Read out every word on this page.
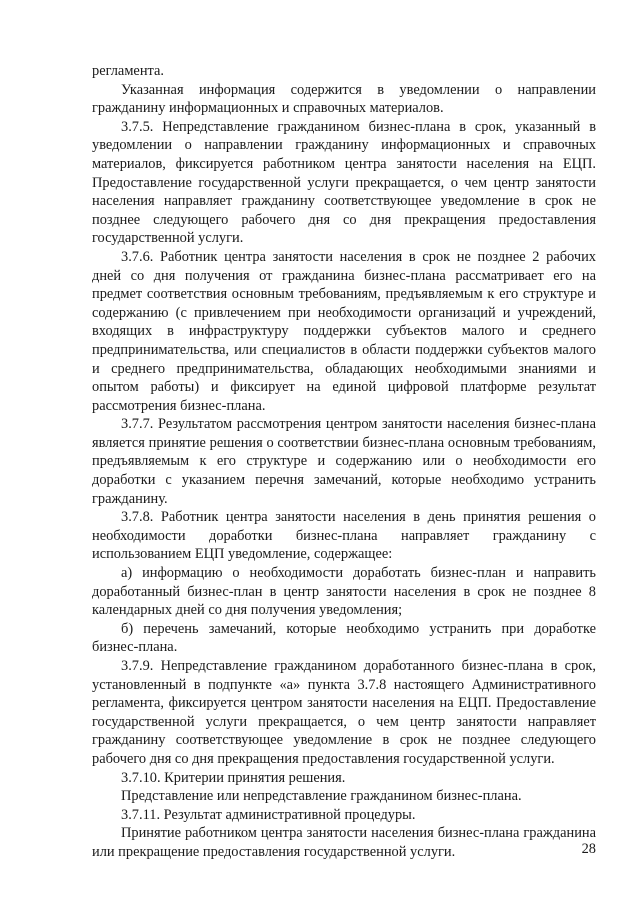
регламента.

Указанная информация содержится в уведомлении о направлении гражданину информационных и справочных материалов.

3.7.5. Непредставление гражданином бизнес-плана в срок, указанный в уведомлении о направлении гражданину информационных и справочных материалов, фиксируется работником центра занятости населения на ЕЦП. Предоставление государственной услуги прекращается, о чем центр занятости населения направляет гражданину соответствующее уведомление в срок не позднее следующего рабочего дня со дня прекращения предоставления государственной услуги.

3.7.6. Работник центра занятости населения в срок не позднее 2 рабочих дней со дня получения от гражданина бизнес-плана рассматривает его на предмет соответствия основным требованиям, предъявляемым к его структуре и содержанию (с привлечением при необходимости организаций и учреждений, входящих в инфраструктуру поддержки субъектов малого и среднего предпринимательства, или специалистов в области поддержки субъектов малого и среднего предпринимательства, обладающих необходимыми знаниями и опытом работы) и фиксирует на единой цифровой платформе результат рассмотрения бизнес-плана.

3.7.7. Результатом рассмотрения центром занятости населения бизнес-плана является принятие решения о соответствии бизнес-плана основным требованиям, предъявляемым к его структуре и содержанию или о необходимости его доработки с указанием перечня замечаний, которые необходимо устранить гражданину.

3.7.8. Работник центра занятости населения в день принятия решения о необходимости доработки бизнес-плана направляет гражданину с использованием ЕЦП уведомление, содержащее:

а) информацию о необходимости доработать бизнес-план и направить доработанный бизнес-план в центр занятости населения в срок не позднее 8 календарных дней со дня получения уведомления;

б) перечень замечаний, которые необходимо устранить при доработке бизнес-плана.

3.7.9. Непредставление гражданином доработанного бизнес-плана в срок, установленный в подпункте «а» пункта 3.7.8 настоящего Административного регламента, фиксируется центром занятости населения на ЕЦП. Предоставление государственной услуги прекращается, о чем центр занятости направляет гражданину соответствующее уведомление в срок не позднее следующего рабочего дня со дня прекращения предоставления государственной услуги.

3.7.10. Критерии принятия решения.

Представление или непредставление гражданином бизнес-плана.

3.7.11. Результат административной процедуры.

Принятие работником центра занятости населения бизнес-плана гражданина или прекращение предоставления государственной услуги.	28
